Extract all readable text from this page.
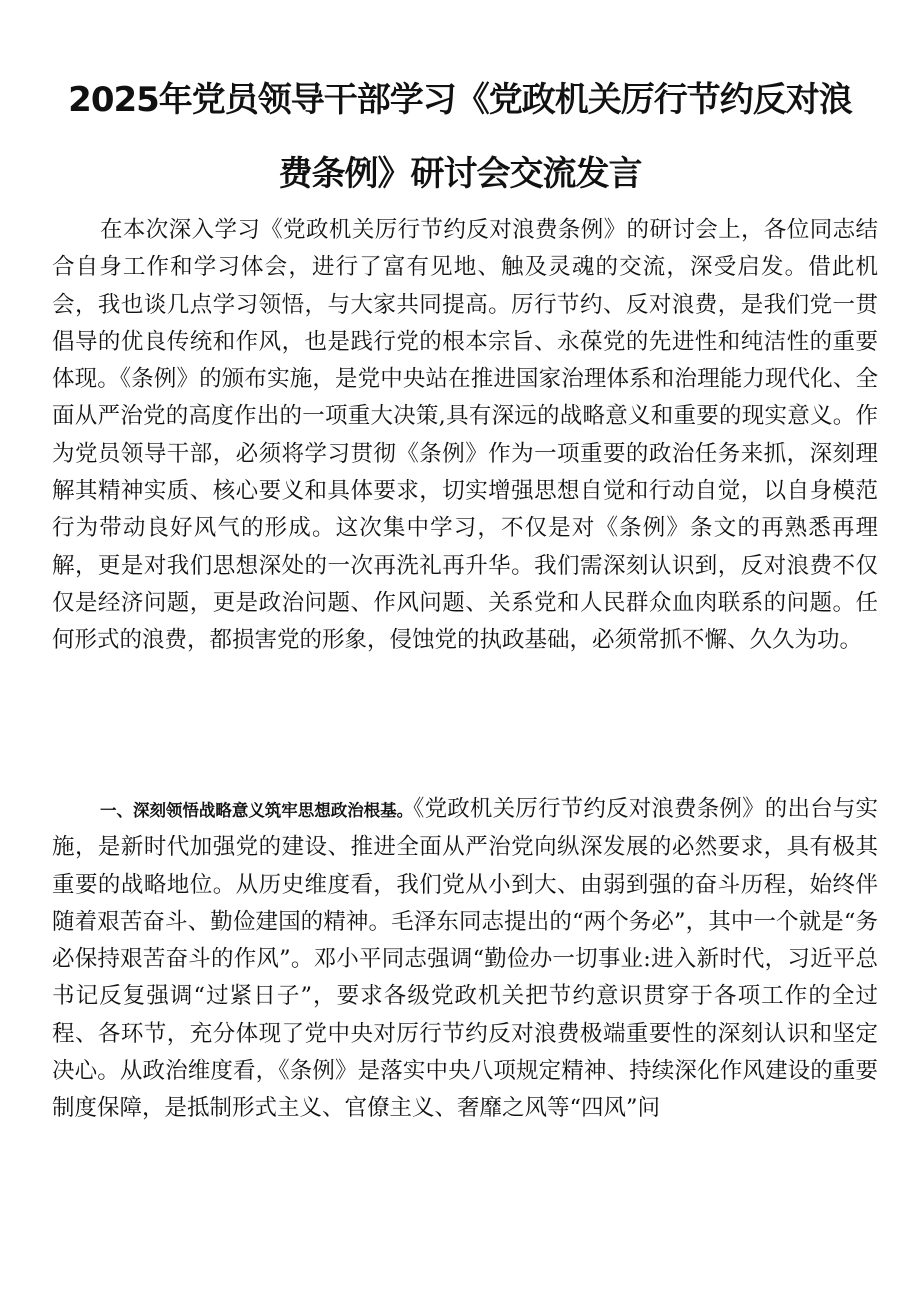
2025年党员领导干部学习《党政机关厉行节约反对浪
费条例》研讨会交流发言

在本次深入学习《党政机关厉行节约反对浪费条例》的研讨会上，各位同志结合自身工作和学习体会，进行了富有见地、触及灵魂的交流，深受启发。借此机会，我也谈几点学习领悟，与大家共同提高。厉行节约、反对浪费，是我们党一贯倡导的优良传统和作风，也是践行党的根本宗旨、永葆党的先进性和纯洁性的重要体现。《条例》的颁布实施，是党中央站在推进国家治理体系和治理能力现代化、全面从严治党的高度作出的一项重大决策,具有深远的战略意义和重要的现实意义。作为党员领导干部，必须将学习贯彻《条例》作为一项重要的政治任务来抓，深刻理解其精神实质、核心要义和具体要求，切实增强思想自觉和行动自觉，以自身模范行为带动良好风气的形成。这次集中学习，不仅是对《条例》条文的再熟悉再理解，更是对我们思想深处的一次再洗礼再升华。我们需深刻认识到，反对浪费不仅仅是经济问题，更是政治问题、作风问题、关系党和人民群众血肉联系的问题。任何形式的浪费，都损害党的形象，侵蚀党的执政基础，必须常抓不懈、久久为功。

一、深刻领悟战略意义筑牢思想政治根基。《党政机关厉行节约反对浪费条例》的出台与实施，是新时代加强党的建设、推进全面从严治党向纵深发展的必然要求，具有极其重要的战略地位。从历史维度看，我们党从小到大、由弱到强的奋斗历程，始终伴随着艰苦奋斗、勤俭建国的精神。毛泽东同志提出的“两个务必”，其中一个就是“务必保持艰苦奋斗的作风”。邓小平同志强调“勤俭办一切事业:进入新时代，习近平总书记反复强调“过紧日子”，要求各级党政机关把节约意识贯穿于各项工作的全过程、各环节，充分体现了党中央对厉行节约反对浪费极端重要性的深刻认识和坚定决心。从政治维度看，《条例》是落实中央八项规定精神、持续深化作风建设的重要制度保障，是抵制形式主义、官僚主义、奢靡之风等“四风”问
